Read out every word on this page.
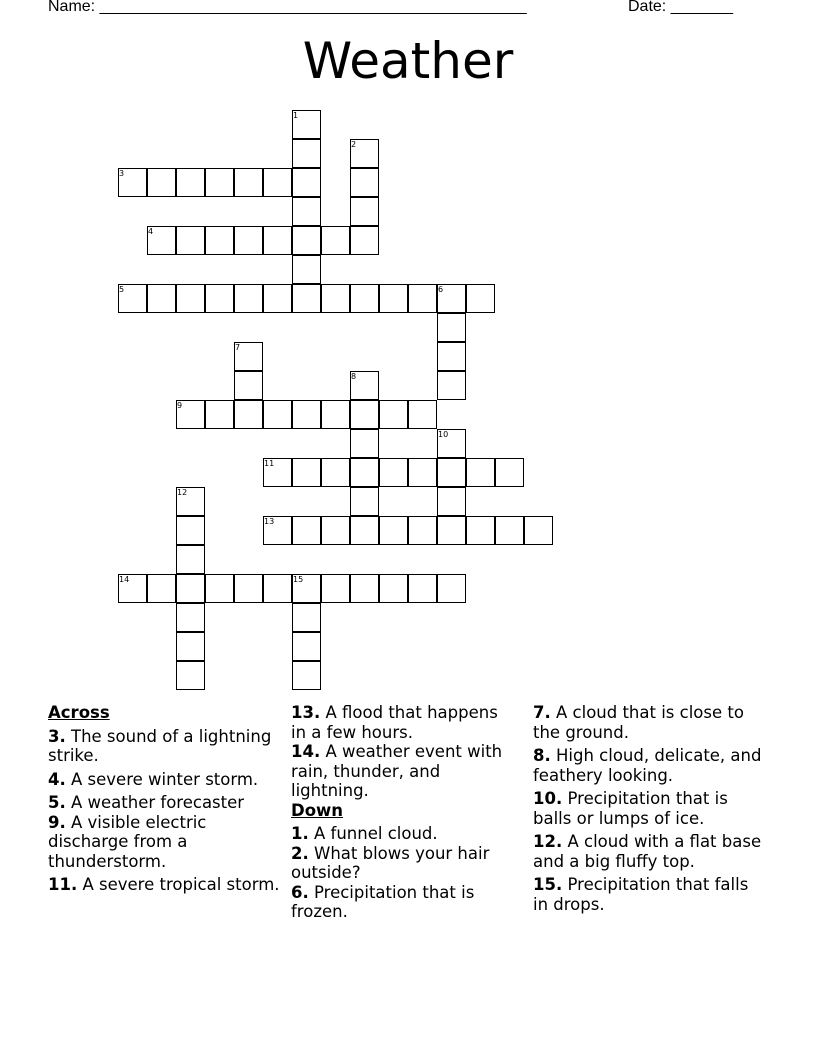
Name: ________________________________________________	Date: _______
Weather
1
2
3
4
5	6
7
8
9
10
11
12
13
14	15
Across
3. The sound of a lightning strike.
4. A severe winter storm.
5. A weather forecaster
9. A visible electric discharge from a thunderstorm.
11. A severe tropical storm.
13. A flood that happens in a few hours.
14. A weather event with rain, thunder, and lightning.
Down
1. A funnel cloud.
2. What blows your hair outside?
6. Precipitation that is frozen.
7. A cloud that is close to the ground.
8. High cloud, delicate, and feathery looking.
10. Precipitation that is balls or lumps of ice.
12. A cloud with a flat base and a big fluffy top.
15. Precipitation that falls in drops.
